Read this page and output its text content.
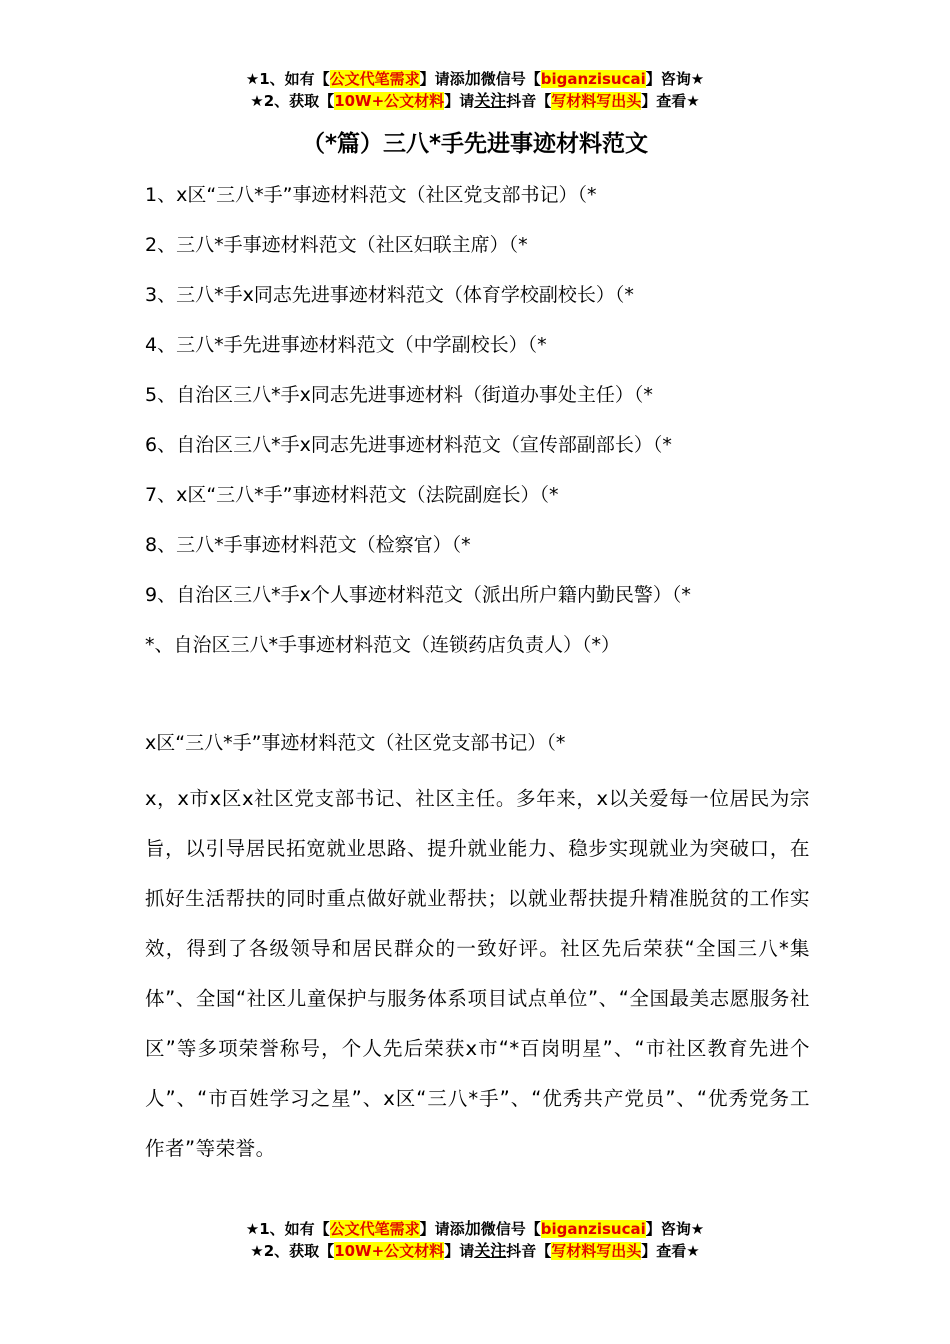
★1、如有【公文代笔需求】请添加微信号【biganzisucai】咨询★
★2、获取【10W+公文材料】请关注抖音【写材料写出头】查看★
（*篇）三八*手先进事迹材料范文
1、x区“三八*手”事迹材料范文（社区党支部书记）（*
2、三八*手事迹材料范文（社区妇联主席）（*
3、三八*手x同志先进事迹材料范文（体育学校副校长）（*
4、三八*手先进事迹材料范文（中学副校长）（*
5、自治区三八*手x同志先进事迹材料（街道办事处主任）（*
6、自治区三八*手x同志先进事迹材料范文（宣传部副部长）（*
7、x区“三八*手”事迹材料范文（法院副庭长）（*
8、三八*手事迹材料范文（检察官）（*
9、自治区三八*手x个人事迹材料范文（派出所户籍内勤民警）（*
*、自治区三八*手事迹材料范文（连锁药店负责人）（*）
x区“三八*手”事迹材料范文（社区党支部书记）（*

x，x市x区x社区党支部书记、社区主任。多年来，x以关爱每一位居民为宗旨，以引导居民拓宽就业思路、提升就业能力、稳步实现就业为突破口，在抓好生活帮扶的同时重点做好就业帮扶；以就业帮扶提升精准脱贫的工作实效，得到了各级领导和居民群众的一致好评。社区先后荣获“全国三八*集体”、全国“社区儿童保护与服务体系项目试点单位”、“全国最美志愿服务社区”等多项荣誉称号，个人先后荣获x市“*百岗明星”、“市社区教育先进个人”、“市百姓学习之星”、x区“三八*手”、“优秀共产党员”、“优秀党务工作者”等荣誉。

★1、如有【公文代笔需求】请添加微信号【biganzisucai】咨询★
★2、获取【10W+公文材料】请关注抖音【写材料写出头】查看★
